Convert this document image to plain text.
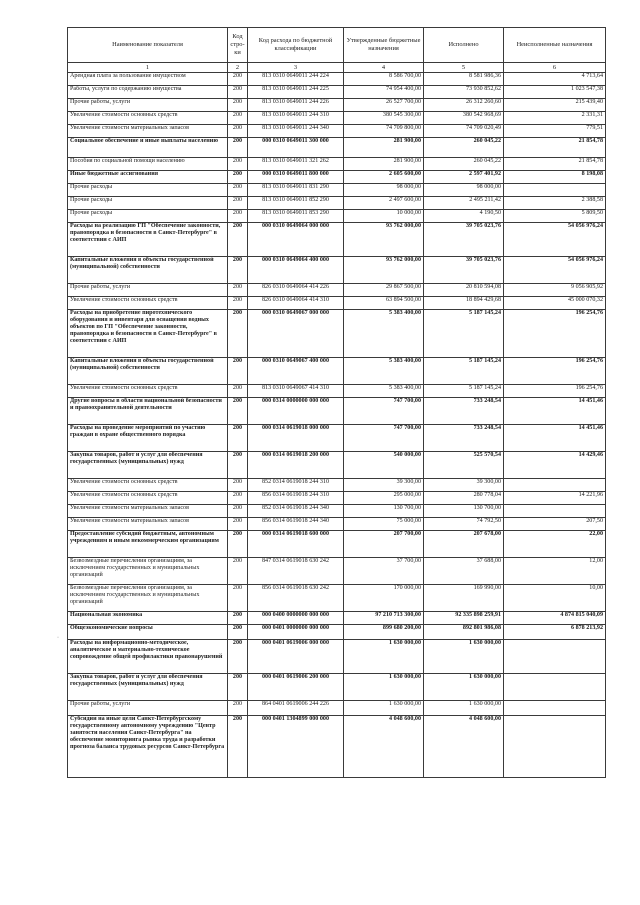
Наименование показателя	Код стро-ки	Код расхода по бюджетной классификации	Утвержденные бюджетные назначения	Исполнено	Неисполненные назначения
1	2	3	4	5	6
Арендная плата за пользование имуществом	200	813 0310 0649011 244 224	8 586 700,00	8 581 986,36	4 713,64
Работы, услуги по содержанию имущества	200	813 0310 0649011 244 225	74 954 400,00	73 930 852,62	1 023 547,38
Прочие работы, услуги	200	813 0310 0649011 244 226	26 527 700,00	26 312 260,60	215 439,40
Увеличение стоимости основных средств	200	813 0310 0649011 244 310	380 545 300,00	380 542 968,69	2 331,31
Увеличение стоимости материальных запасов	200	813 0310 0649011 244 340	74 709 800,00	74 709 020,49	779,51
Социальное обеспечение и иные выплаты населению	200	000 0310 0649011 300 000	281 900,00	260 045,22	21 854,78
Пособия по социальной помощи населению	200	813 0310 0649011 321 262	281 900,00	260 045,22	21 854,78
Иные бюджетные ассигнования	200	000 0310 0649011 800 000	2 605 600,00	2 597 401,92	8 198,08
Прочие расходы	200	813 0310 0649011 831 290	98 000,00	98 000,00	
Прочие расходы	200	813 0310 0649011 852 290	2 497 600,00	2 495 211,42	2 388,58
Прочие расходы	200	813 0310 0649011 853 290	10 000,00	4 190,50	5 809,50
Расходы на реализацию ГП "Обеспечение законности, правопорядка и безопасности в Санкт-Петербурге" в соответствии с АИП	200	000 0310 0649064 000 000	93 762 000,00	39 705 023,76	54 056 976,24
Капитальные вложения в объекты государственной (муниципальной) собственности	200	000 0310 0649064 400 000	93 762 000,00	39 705 023,76	54 056 976,24
Прочие работы, услуги	200	826 0310 0649064 414 226	29 867 500,00	20 810 594,08	9 056 905,92
Увеличение стоимости основных средств	200	826 0310 0649064 414 310	63 894 500,00	18 894 429,68	45 000 070,32
Расходы на приобретение пиротехнического оборудования и инвентаря для оснащения водных объектов по ГП "Обеспечение законности, правопорядка и безопасности в Санкт-Петербурге" в соответствии с АИП	200	000 0310 0649067 000 000	5 383 400,00	5 187 145,24	196 254,76
Капитальные вложения в объекты государственной (муниципальной) собственности	200	000 0310 0649067 400 000	5 383 400,00	5 187 145,24	196 254,76
Увеличение стоимости основных средств	200	813 0310 0649067 414 310	5 383 400,00	5 187 145,24	196 254,76
Другие вопросы в области национальной безопасности и правоохранительной деятельности	200	000 0314 0000000 000 000	747 700,00	733 248,54	14 451,46
Расходы на проведение мероприятий по участию граждан в охране общественного порядка	200	000 0314 0619018 000 000	747 700,00	733 248,54	14 451,46
Закупка товаров, работ и услуг для обеспечения государственных (муниципальных) нужд	200	000 0314 0619018 200 000	540 000,00	525 570,54	14 429,46
Увеличение стоимости основных средств	200	852 0314 0619018 244 310	39 300,00	39 300,00	
Увеличение стоимости основных средств	200	856 0314 0619018 244 310	295 000,00	280 778,04	14 221,96
Увеличение стоимости материальных запасов	200	852 0314 0619018 244 340	130 700,00	130 700,00	
Увеличение стоимости материальных запасов	200	856 0314 0619018 244 340	75 000,00	74 792,50	207,50
Предоставление субсидий бюджетным, автономным учреждениям и иным некоммерческим организациям	200	000 0314 0619018 600 000	207 700,00	207 678,00	22,00
Безвозмездные перечисления организациям, за исключением государственных и муниципальных организаций	200	847 0314 0619018 630 242	37 700,00	37 688,00	12,00
Безвозмездные перечисления организациям, за исключением государственных и муниципальных организаций	200	856 0314 0619018 630 242	170 000,00	169 990,00	10,00
Национальная экономика	200	000 0400 0000000 000 000	97 210 713 300,00	92 335 898 259,91	4 874 815 040,09
Общеэкономические вопросы	200	000 0401 0000000 000 000	899 680 200,00	892 801 986,08	6 878 213,92
Расходы на информационно-методическое, аналитическое и материально-техническое сопровождение общей профилактики правонарушений	200	000 0401 0619006 000 000	1 630 000,00	1 630 000,00	
Закупка товаров, работ и услуг для обеспечения государственных (муниципальных) нужд	200	000 0401 0619006 200 000	1 630 000,00	1 630 000,00	
Прочие работы, услуги	200	864 0401 0619006 244 226	1 630 000,00	1 630 000,00	
Субсидии на иные цели Санкт-Петербургскому государственному автономному учреждению "Центр занятости населения Санкт-Петербурга" на обеспечение мониторинга рынка труда и разработки прогноза баланса трудовых ресурсов Санкт-Петербурга	200	000 0401 1304899 000 000	4 048 600,00	4 048 600,00	
·
